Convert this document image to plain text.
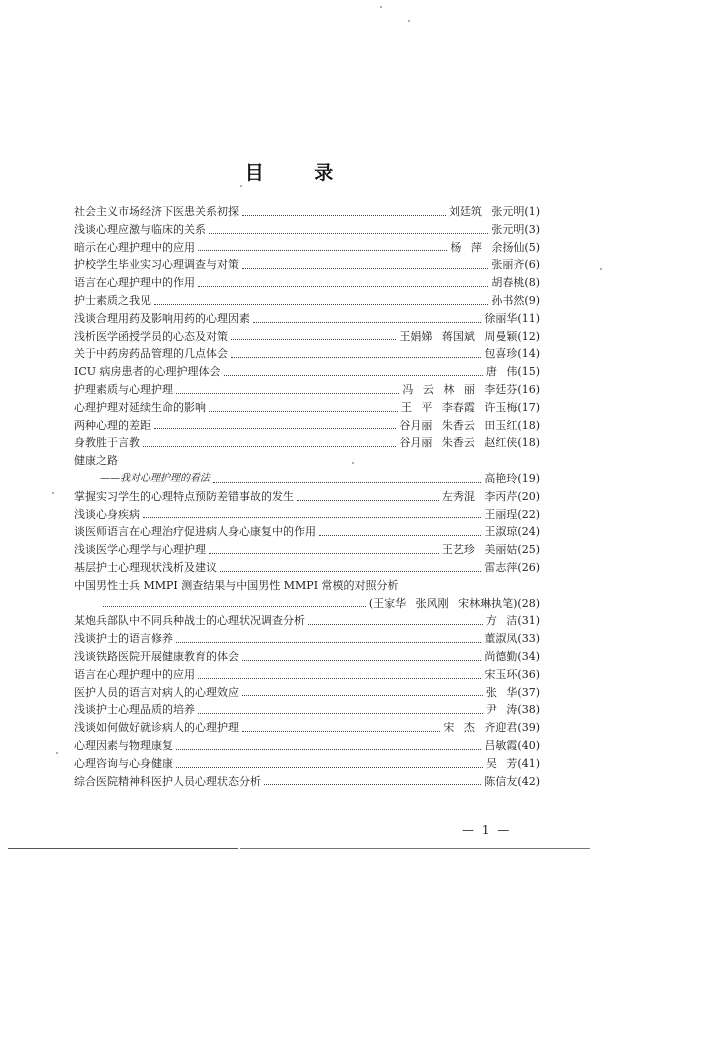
目 录
社会主义市场经济下医患关系初探	刘廷筑 张元明(1)
浅谈心理应激与临床的关系	张元明(3)
暗示在心理护理中的应用	杨 萍 余扬仙(5)
护校学生毕业实习心理调查与对策	张丽齐(6)
语言在心理护理中的作用	胡春桃(8)
护士素质之我见	孙书然(9)
浅谈合理用药及影响用药的心理因素	徐丽华(11)
浅析医学函授学员的心态及对策	王娟娣 蒋国斌 周曼颖(12)
关于中药房药品管理的几点体会	包喜珍(14)
ICU 病房患者的心理护理体会	唐 伟(15)
护理素质与心理护理	冯 云 林 丽 李廷芬(16)
心理护理对延续生命的影响	王 平 李春霞 许玉梅(17)
两种心理的差距	谷月丽 朱香云 田玉红(18)
身教胜于言教	谷月丽 朱香云 赵红侠(18)
健康之路
——我对心理护理的看法	高艳玲(19)
掌握实习学生的心理特点预防差错事故的发生	左秀混 李丙芹(20)
浅谈心身疾病	王丽珵(22)
谈医师语言在心理治疗促进病人身心康复中的作用	王淑琼(24)
浅谈医学心理学与心理护理	王艺珍 美丽姑(25)
基层护士心理现状浅析及建议	雷志萍(26)
中国男性士兵 MMPI 测查结果与中国男性 MMPI 常模的对照分析
(王家华 张风刚 宋林琳执笔)(28)
某炮兵部队中不同兵种战士的心理状况调查分析	方 洁(31)
浅谈护士的语言修养	董淑凤(33)
浅谈铁路医院开展健康教育的体会	尚德勤(34)
语言在心理护理中的应用	宋玉环(36)
医护人员的语言对病人的心理效应	张 华(37)
浅谈护士心理品质的培养	尹 涛(38)
浅谈如何做好就诊病人的心理护理	宋 杰 齐迎君(39)
心理因素与物理康复	吕敏霞(40)
心理咨询与心身健康	吴 芳(41)
综合医院精神科医护人员心理状态分析	陈信友(42)
— 1 —
